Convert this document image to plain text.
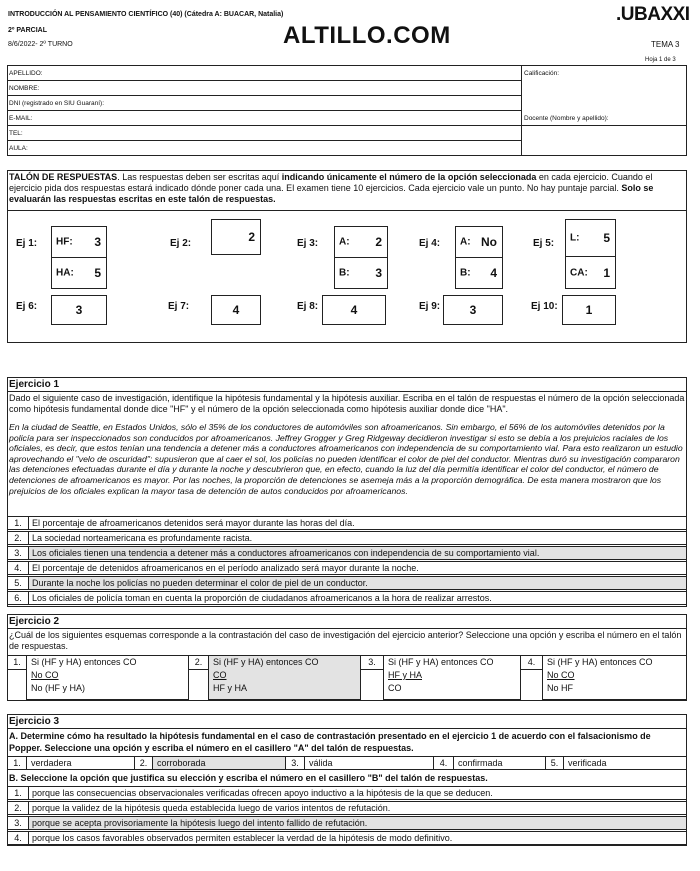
INTRODUCCIÓN AL PENSAMIENTO CIENTÍFICO (40) (Cátedra A: BUACAR, Natalia)
2º PARCIAL
8/6/2022- 2º TURNO	ALTILLO.COM
.UBAXXI
TEMA 3
Hoja 1 de 3
APELLIDO:
NOMBRE:
DNI (registrado en SIU Guaraní):
E-MAIL:
TEL:
AULA:
Calificación:
Docente (Nombre y apellido):
TALÓN DE RESPUESTAS. Las respuestas deben ser escritas aquí indicando únicamente el número de la opción seleccionada en cada ejercicio. Cuando el ejercicio pida dos respuestas estará indicado dónde poner cada una. El examen tiene 10 ejercicios. Cada ejercicio vale un punto. No hay puntaje parcial. Solo se evaluarán las respuestas escritas en este talón de respuestas.
Ej 1: HF: 3
HA: 5
Ej 2:	2	Ej 3: A: 2
B: 3
Ej 4: A: No
B: 4
Ej 5: L: 5
CA: 1
Ej 6:	3	Ej 7:	4	Ej 8:	4	Ej 9:	3	Ej 10:	1
Ejercicio 1
Dado el siguiente caso de investigación, identifique la hipótesis fundamental y la hipótesis auxiliar. Escriba en el talón de respuestas el número de la opción seleccionada como hipótesis fundamental donde dice "HF" y el número de la opción seleccionada como hipótesis auxiliar donde dice "HA".
En la ciudad de Seattle, en Estados Unidos, sólo el 35% de los conductores de automóviles son afroamericanos. Sin embargo, el 56% de los automóviles detenidos por la policía para ser inspeccionados son conducidos por afroamericanos. Jeffrey Grogger y Greg Ridgeway decidieron investigar si esto se debía a los prejuicios raciales de los oficiales, es decir, que estos tenían una tendencia a detener más a conductores afroamericanos con independencia de su comportamiento vial. Para esto realizaron un estudio aprovechando el "velo de oscuridad": supusieron que al caer el sol, los policías no pueden identificar el color de piel del conductor. Mientras duró su investigación compararon las detenciones efectuadas durante el día y durante la noche y descubrieron que, en efecto, cuando la luz del día permitía identificar el color del conductor, el número de detenciones de afroamericanos es mayor. Por las noches, la proporción de detenciones se asemeja más a la proporción demográfica. De esta manera mostraron que los prejuicios de los oficiales explican la mayor tasa de detención de autos conducidos por afroamericanos.
1.	El porcentaje de afroamericanos detenidos será mayor durante las horas del día.
2.	La sociedad norteamericana es profundamente racista.
3.	Los oficiales tienen una tendencia a detener más a conductores afroamericanos con independencia de su comportamiento vial.
4.	El porcentaje de detenidos afroamericanos en el período analizado será mayor durante la noche.
5.	Durante la noche los policías no pueden determinar el color de piel de un conductor.
6.	Los oficiales de policía toman en cuenta la proporción de ciudadanos afroamericanos a la hora de realizar arrestos.
Ejercicio 2
¿Cuál de los siguientes esquemas corresponde a la contrastación del caso de investigación del ejercicio anterior? Seleccione una opción y escriba el número en el talón de respuestas.
1.	Si (HF y HA) entonces CO
No CO
No (HF y HA)
2.	Si (HF y HA) entonces CO
CO
HF y HA
3.	Si (HF y HA) entonces CO
HF y HA
CO
4.	Si (HF y HA) entonces CO
No CO
No HF
Ejercicio 3
A. Determine cómo ha resultado la hipótesis fundamental en el caso de contrastación presentado en el ejercicio 1 de acuerdo con el falsacionismo de Popper. Seleccione una opción y escriba el número en el casillero "A" del talón de respuestas.
1.	verdadera	2.	corroborada	3.	válida	4.	confirmada	5.	verificada
B. Seleccione la opción que justifica su elección y escriba el número en el casillero "B" del talón de respuestas.
1.	porque las consecuencias observacionales verificadas ofrecen apoyo inductivo a la hipótesis de la que se deducen.
2.	porque la validez de la hipótesis queda establecida luego de varios intentos de refutación.
3.	porque se acepta provisoriamente la hipótesis luego del intento fallido de refutación.
4.	porque los casos favorables observados permiten establecer la verdad de la hipótesis de modo definitivo.
